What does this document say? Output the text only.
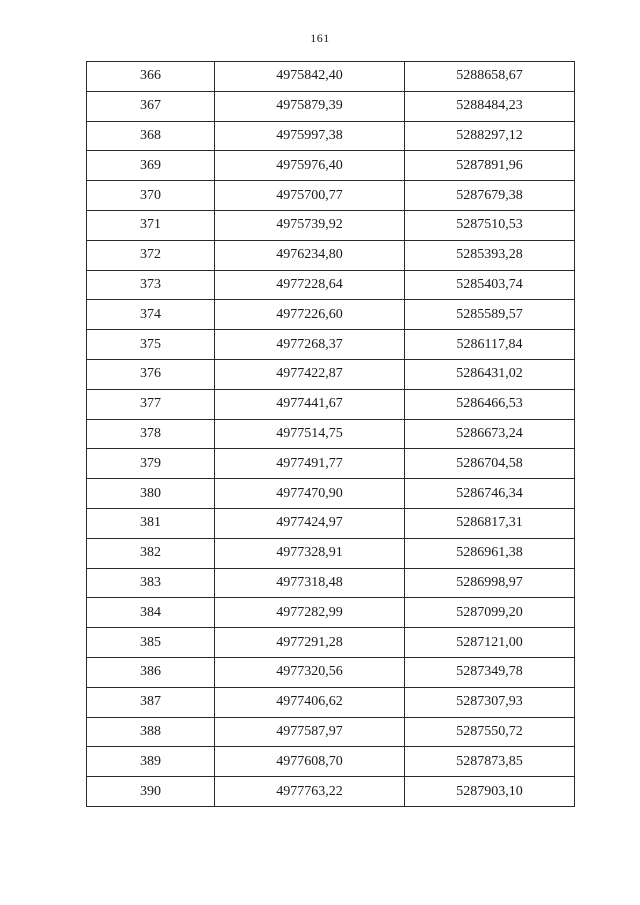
161
366	4975842,40	5288658,67
367	4975879,39	5288484,23
368	4975997,38	5288297,12
369	4975976,40	5287891,96
370	4975700,77	5287679,38
371	4975739,92	5287510,53
372	4976234,80	5285393,28
373	4977228,64	5285403,74
374	4977226,60	5285589,57
375	4977268,37	5286117,84
376	4977422,87	5286431,02
377	4977441,67	5286466,53
378	4977514,75	5286673,24
379	4977491,77	5286704,58
380	4977470,90	5286746,34
381	4977424,97	5286817,31
382	4977328,91	5286961,38
383	4977318,48	5286998,97
384	4977282,99	5287099,20
385	4977291,28	5287121,00
386	4977320,56	5287349,78
387	4977406,62	5287307,93
388	4977587,97	5287550,72
389	4977608,70	5287873,85
390	4977763,22	5287903,10
